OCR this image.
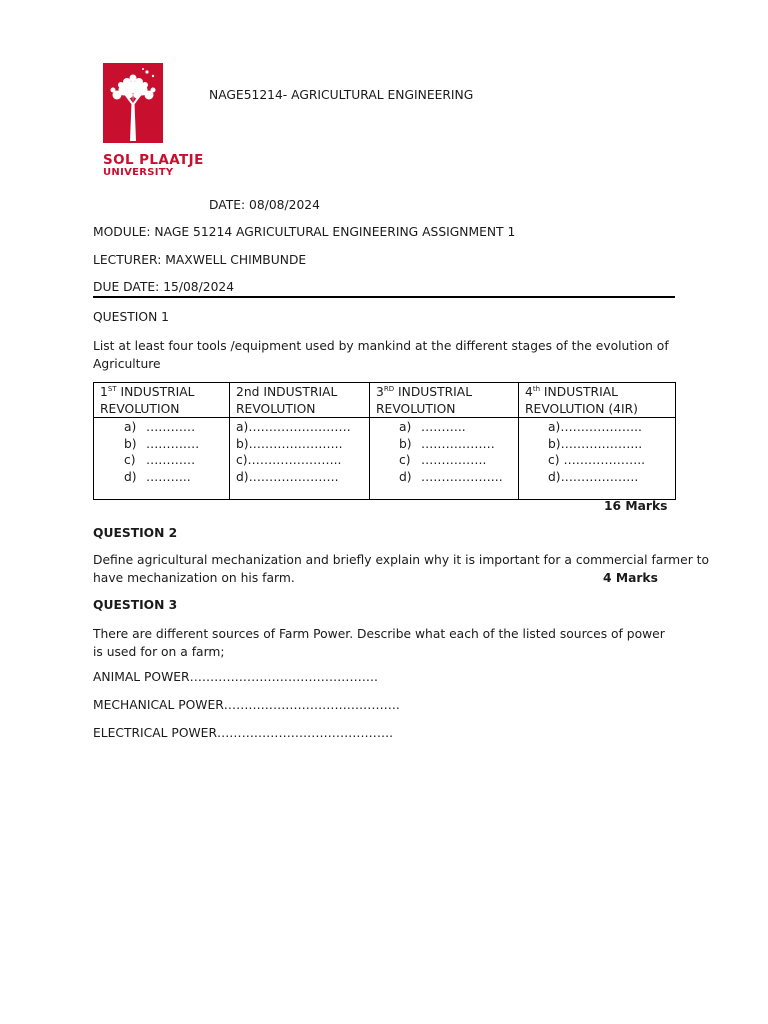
SOL PLAATJE
UNIVERSITY
NAGE51214- AGRICULTURAL ENGINEERING
DATE: 08/08/2024
MODULE: NAGE 51214 AGRICULTURAL ENGINEERING ASSIGNMENT 1
LECTURER: MAXWELL CHIMBUNDE
DUE DATE: 15/08/2024
QUESTION 1
List at least four tools /equipment used by mankind at the different stages of the evolution of Agriculture
1ST INDUSTRIAL
REVOLUTION	2nd INDUSTRIAL
REVOLUTION	3RD INDUSTRIAL
REVOLUTION	4th INDUSTRIAL
REVOLUTION (4IR)

a) …………
b) ………….
c) …………
d) ………..	a)…………………….
b)…………………..
c)…………………..
d)………………….	a) ………..
b) ………………
c) …………….
d) ………………..	a)………………..
b)………………..
c) ………………..
d)……………….
16 Marks
QUESTION 2
Define agricultural mechanization and briefly explain why it is important for a commercial farmer to
have mechanization on his farm.	4 Marks
QUESTION 3
There are different sources of Farm Power. Describe what each of the listed sources of power is used for on a farm;
ANIMAL POWER……………………………………….
MECHANICAL POWER…………………………………….
ELECTRICAL POWER…………………………………….
